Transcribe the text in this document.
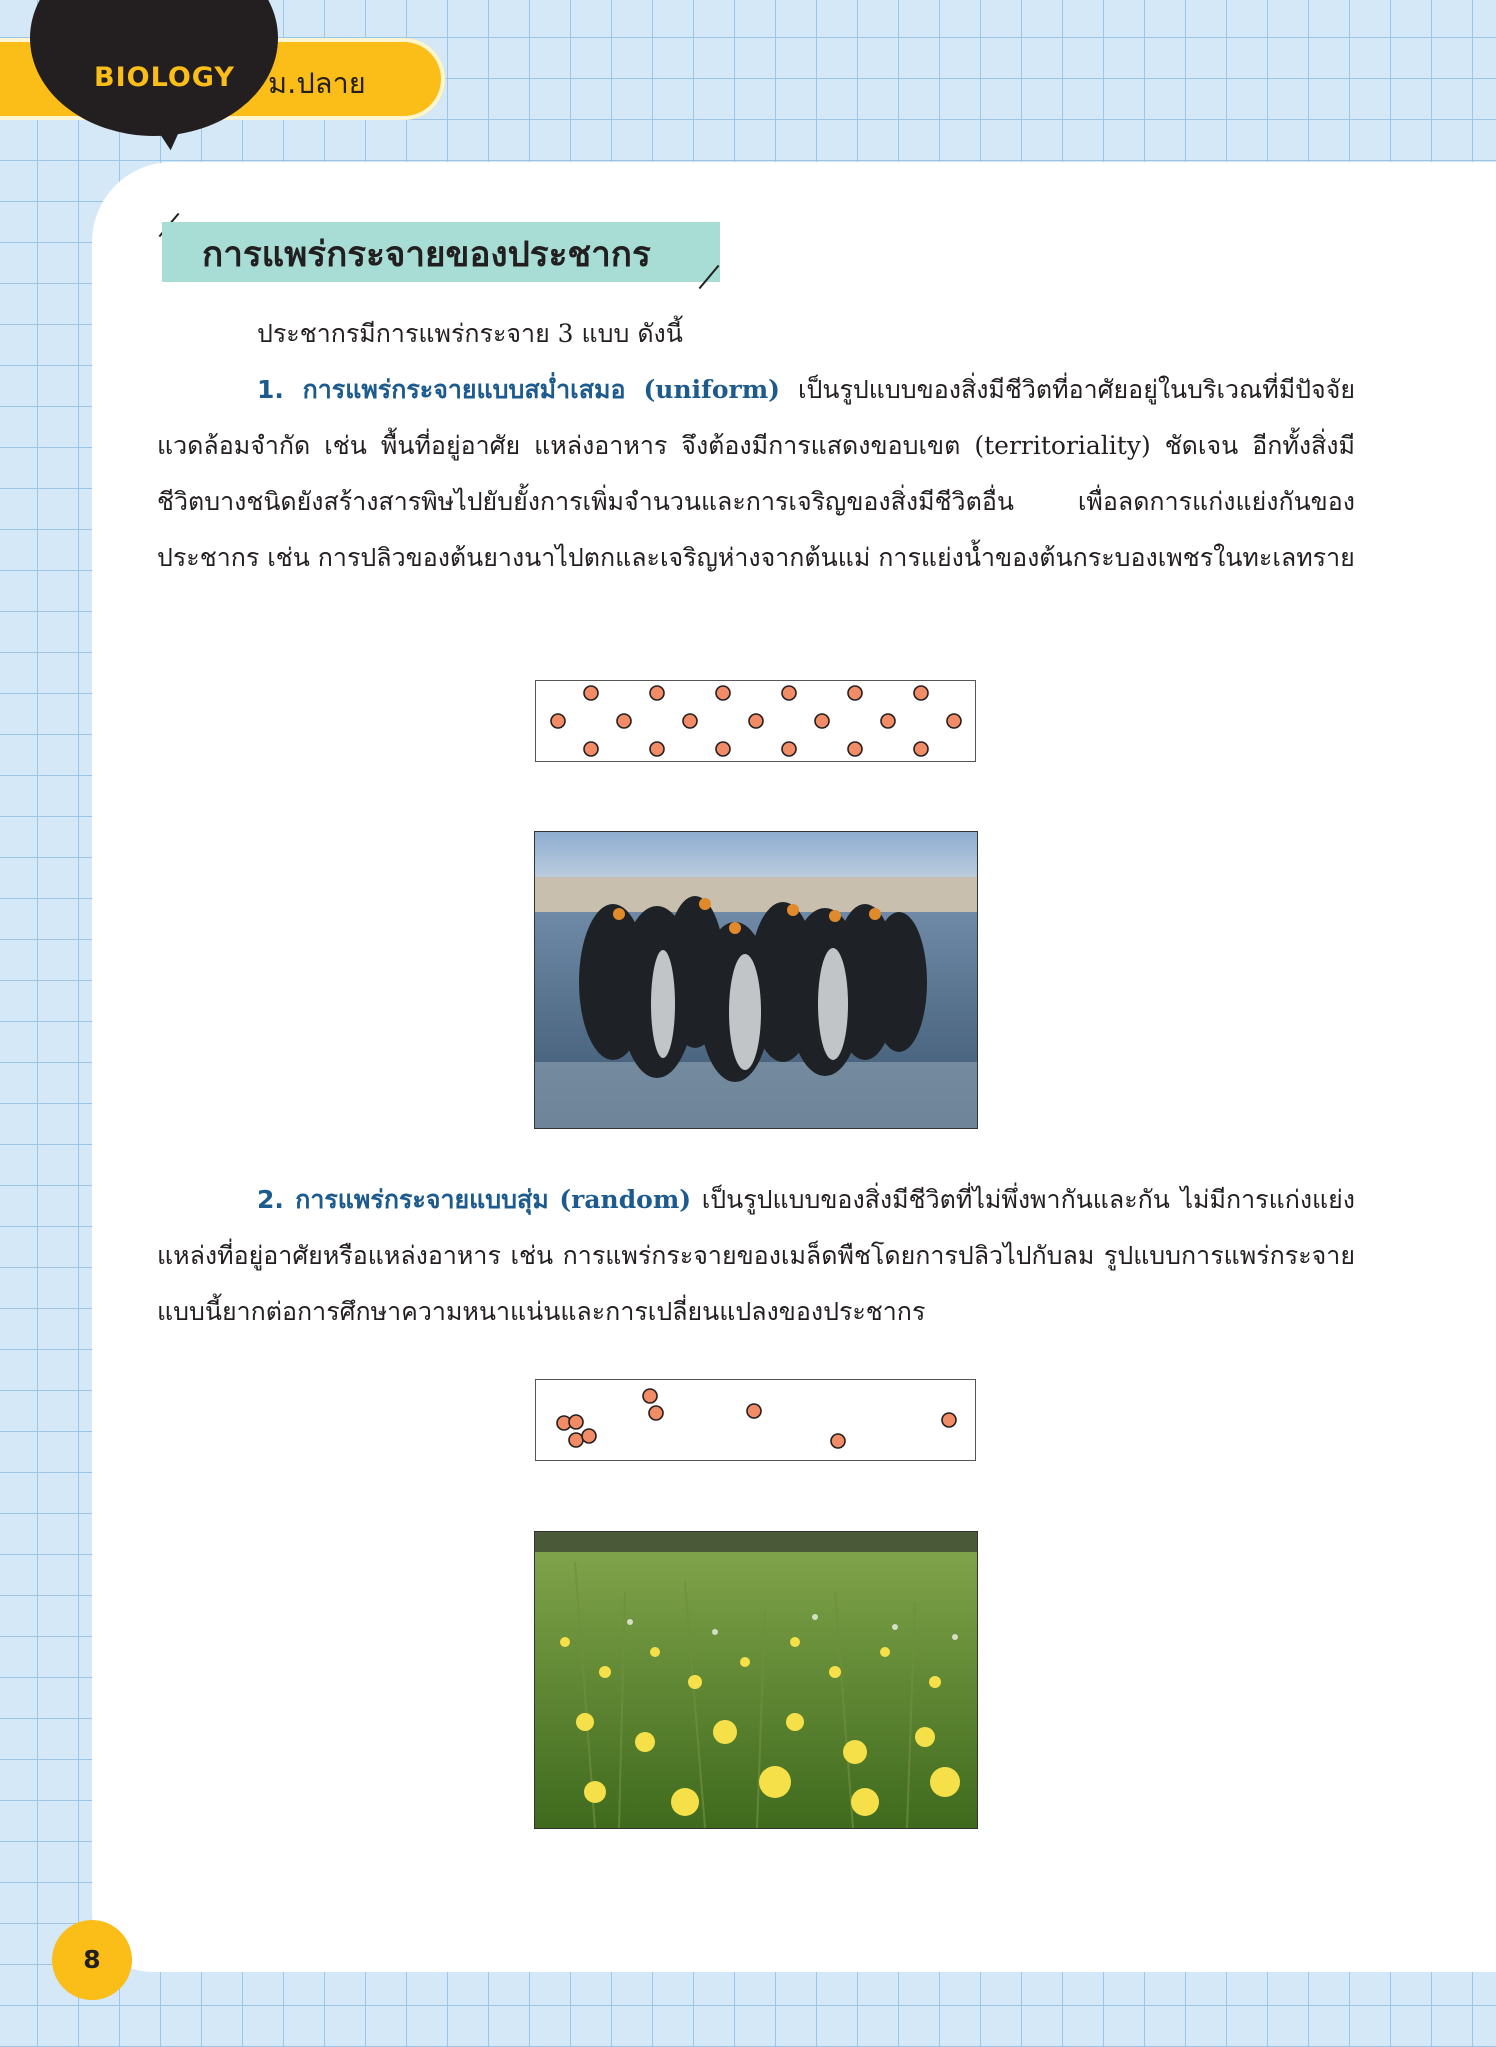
BIOLOGY ม.ปลาย
การแพร่กระจายของประชากร

ประชากรมีการแพร่กระจาย 3 แบบ ดังนี้

1. การแพร่กระจายแบบสม่ำเสมอ (uniform) เป็นรูปแบบของสิ่งมีชีวิตที่อาศัยอยู่ในบริเวณที่มีปัจจัยแวดล้อมจำกัด เช่น พื้นที่อยู่อาศัย แหล่งอาหาร จึงต้องมีการแสดงขอบเขต (territoriality) ชัดเจน อีกทั้งสิ่งมีชีวิตบางชนิดยังสร้างสารพิษไปยับยั้งการเพิ่มจำนวนและการเจริญของสิ่งมีชีวิตอื่น เพื่อลดการแก่งแย่งกันของประชากร เช่น การปลิวของต้นยางนาไปตกและเจริญห่างจากต้นแม่ การแย่งน้ำของต้นกระบองเพชรในทะเลทราย

2. การแพร่กระจายแบบสุ่ม (random) เป็นรูปแบบของสิ่งมีชีวิตที่ไม่พึ่งพากันและกัน ไม่มีการแก่งแย่งแหล่งที่อยู่อาศัยหรือแหล่งอาหาร เช่น การแพร่กระจายของเมล็ดพืชโดยการปลิวไปกับลม รูปแบบการแพร่กระจายแบบนี้ยากต่อการศึกษาความหนาแน่นและการเปลี่ยนแปลงของประชากร

8
